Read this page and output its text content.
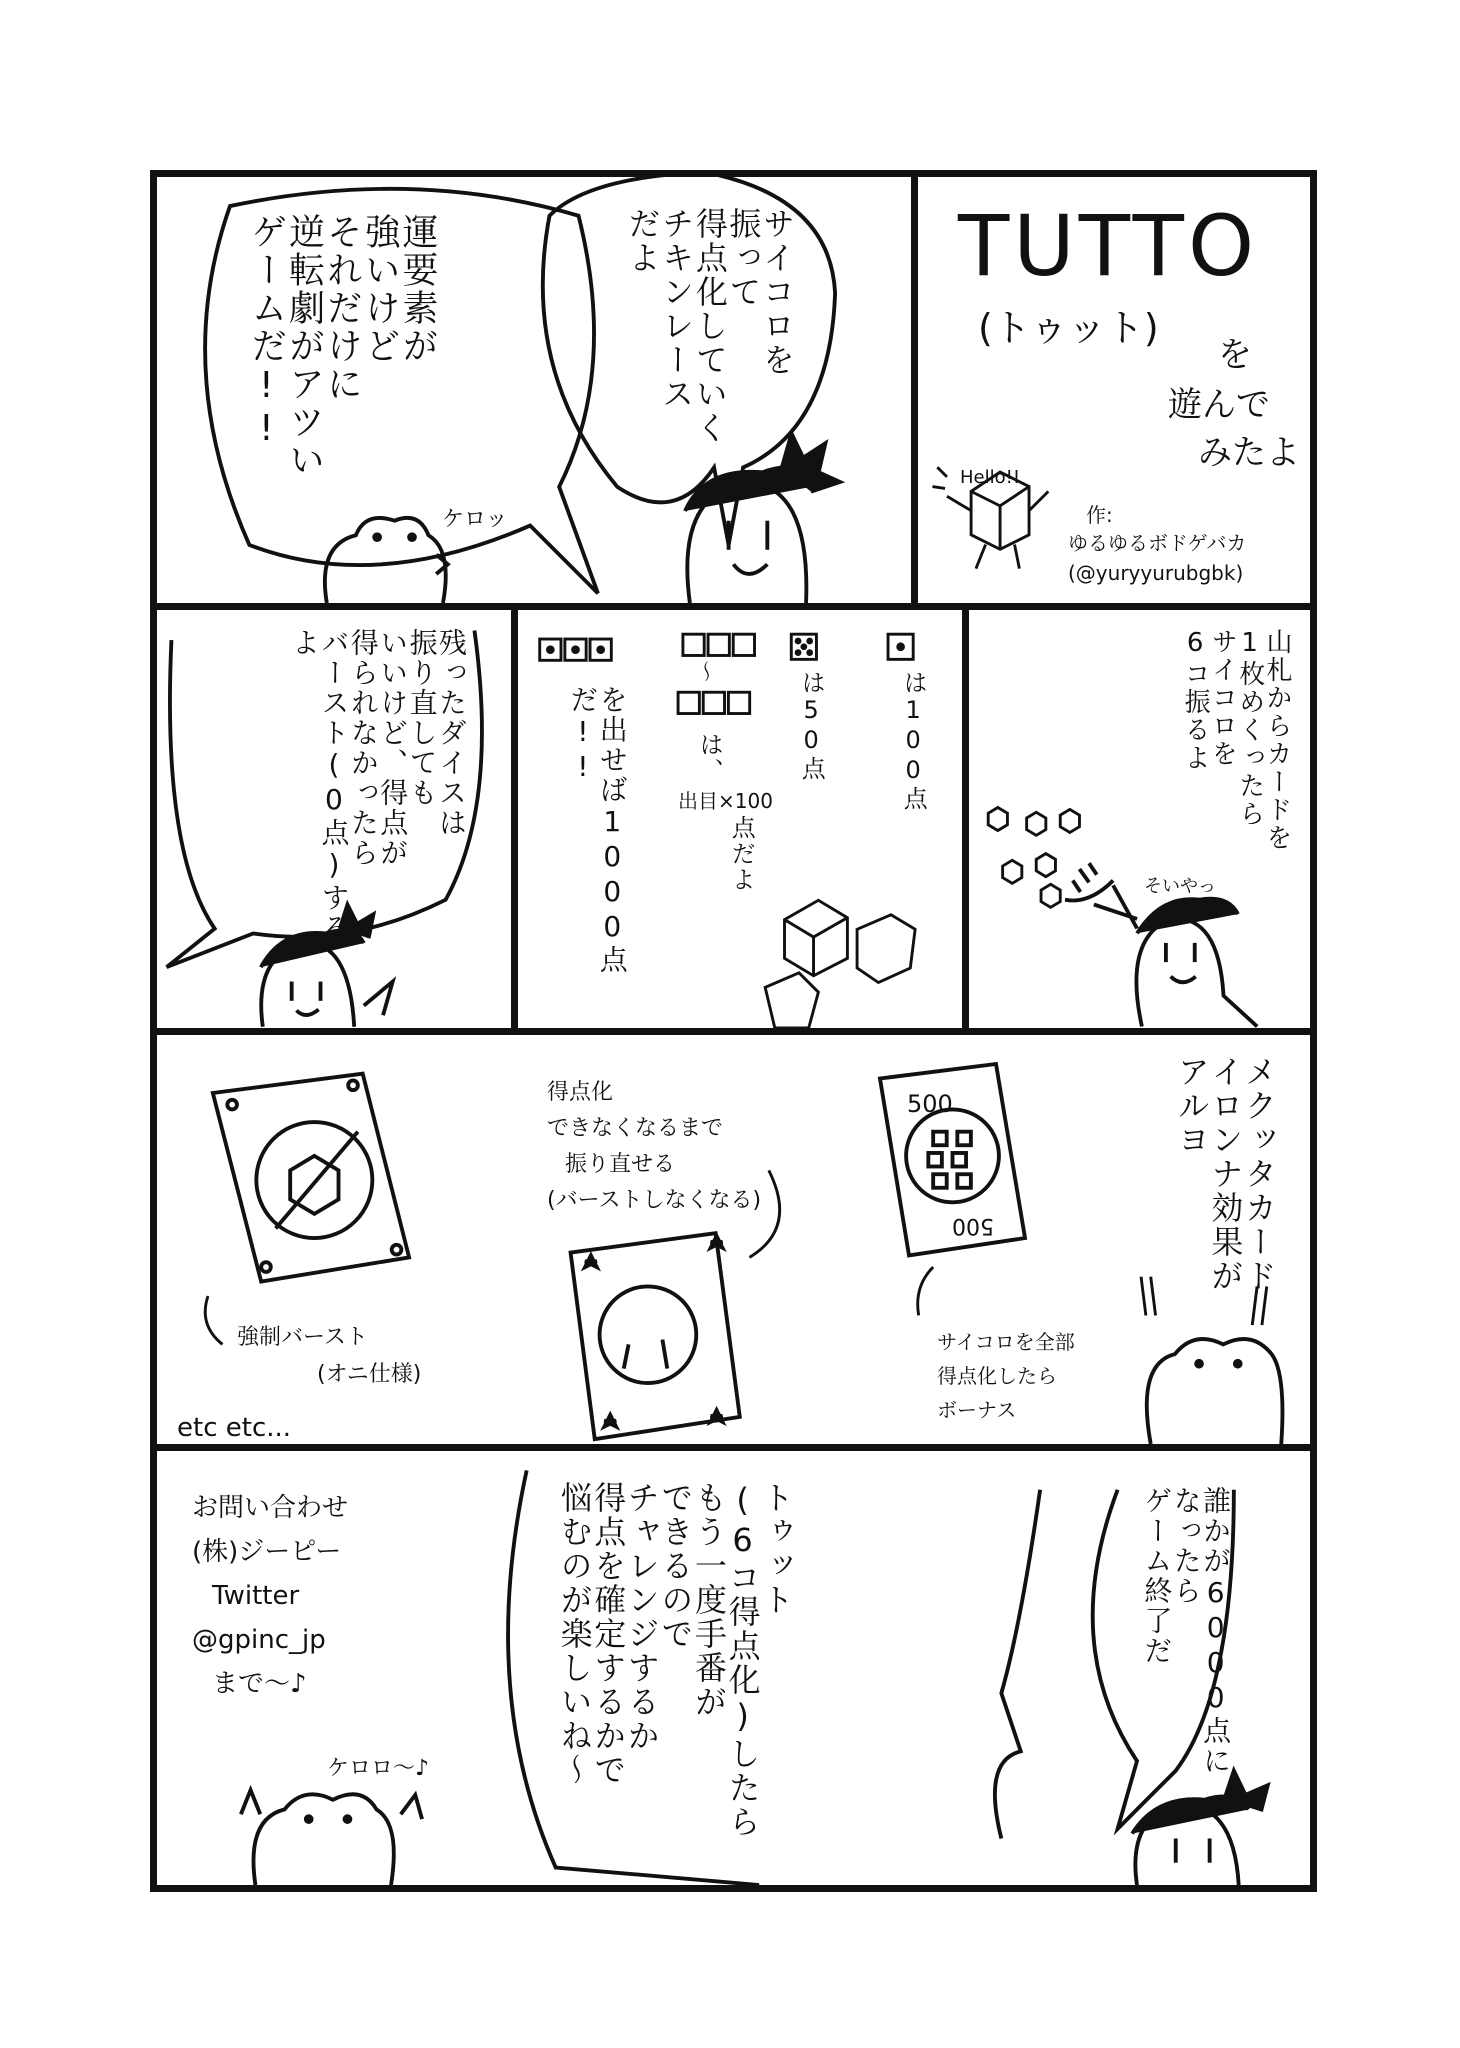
運要素が
強いけど
それだけに
逆転劇がアツい
ゲームだ!!	サイコロを
振って
得点化していく
チキンレース
だよ
ケロッ
TUTTO
(トゥット)
を
遊んで
みたよ
Hello!!
作:
ゆるゆるボドゲバカ
(@yuryyurubgbk)
残ったダイスは
振り直しても
いいけど、得点が
得られなかったら
バースト(0点)するよ
を出せば1000点だ!!
〜
は、
出目×100
点だよ
は50点	は100点	山札からカードを
1枚めくったら
サイコロを
6コ振るよ
そいやっ
メクッタカード
イロンナ効果が
アルヨ
強制バースト
(オニ仕様)
得点化
できなくなるまで
振り直せる
(バーストしなくなる)
500
500
サイコロを全部
得点化したら
ボーナス
etc etc...
お問い合わせ
(株)ジーピー
Twitter
@gpinc_jp
まで〜♪
ケロロ〜♪
トゥット
(6コ得点化)したら
もう一度手番が
できるので
チャレンジするか
得点を確定するかで
悩むのが楽しいね〜	誰かが6000点に
なったら
ゲーム終了だ
